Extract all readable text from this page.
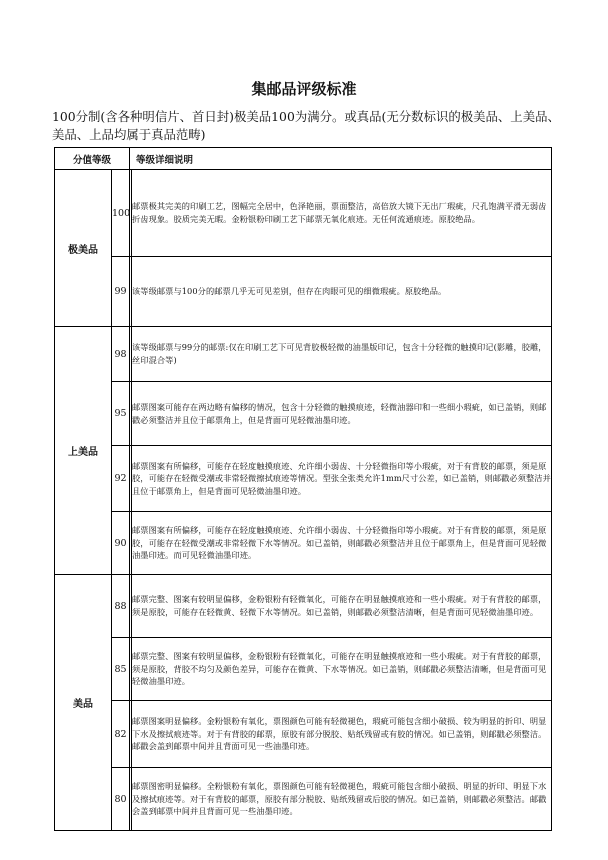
集邮品评级标准
100分制(含各种明信片、首日封)极美品100为满分。或真品(无分数标识的极美品、上美品、美品、上品均属于真品范畴)
分值等级		等级详细说明	
极美品	100		邮票极其完美的印刷工艺，图幅完全居中，色泽艳丽，票面整洁，高倍放大镜下无出厂瑕疵，尺孔饱满平滑无弱齿折齿现象。胶质完美无暇。金粉银粉印刷工艺下邮票无氧化痕迹。无任何流通痕迹。原胶绝品。
	99		该等级邮票与100分的邮票几乎无可见差别，但存在肉眼可见的细微瑕疵。原胶绝品。
上美品	98		该等级邮票与99分的邮票:仅在印刷工艺下可见背胶极轻微的油墨版印记，包含十分轻微的触摸印记(影雕，胶雕，丝印混合等)
	95		邮票图案可能存在两边略有偏移的情况，包含十分轻微的触摸痕迹，轻微油器印和一些细小瑕疵，如已盖销，则邮戳必须整洁并且位于邮票角上，但是背面可见轻微油墨印迹。
	92		邮票图案有所偏移，可能存在轻度触摸痕迹、允许细小弱齿、十分轻微指印等小瑕疵，对于有背胶的邮票，须是原胶，可能存在轻微受潮或非常轻微擦拭痕迹等情况。型张全张类允许1mm尺寸公差，如已盖销，则邮戳必须整洁并且位于邮票角上，但是背面可见轻微油墨印迹。
	90		邮票图案有所偏移，可能存在轻度触摸痕迹、允许细小弱齿、十分轻微指印等小瑕疵。对于有背胶的邮票，须是原胶，可能存在轻微受潮或非常轻微下水等情况。如已盖销，则邮戳必须整洁并且位于邮票角上，但是背面可见轻微油墨印迹。而可见轻微油墨印迹。
美品	88		邮票完整、图案有较明显偏移，金粉银粉有轻微氧化，可能存在明显触摸痕迹和一些小瑕疵。对于有背胶的邮票，须是原胶，可能存在轻微黄、轻微下水等情况。如已盖销，则邮戳必须整洁清晰，但是背面可见轻微油墨印迹。
	85		邮票完整、图案有较明显偏移，金粉银粉有轻微氧化，可能存在明显触摸痕迹和一些小瑕疵。对于有背胶的邮票，须是原胶，背胶不均匀及颜色差异，可能存在微黄、下水等情况。如已盖销，则邮戳必须整洁清晰，但是背面可见轻微油墨印迹。
	82		邮票图案明显偏移。金粉银粉有氧化，票图颜色可能有轻微褪色，瑕疵可能包含细小破损、较为明显的折印、明显下水及擦拭痕迹等。对于有背胶的邮票，原胶有部分脱胶、贴纸残留或有胶的情况。如已盖销，则邮戳必须整洁。邮戳会盖到邮票中间并且背面可见一些油墨印迹。
	80		邮票图密明显偏移。全粉银粉有氧化，票图颜色可能有轻微褪色，瑕疵可能包含细小破损、明显的折印、明显下水及擦拭痕迹等。对于有背胶的邮票，原胶有部分脱胶、贴纸残留或后胶的情况。如已盖销，则邮戳必须整洁。邮戳会盖到邮票中间并且背面可见一些油墨印迹。
